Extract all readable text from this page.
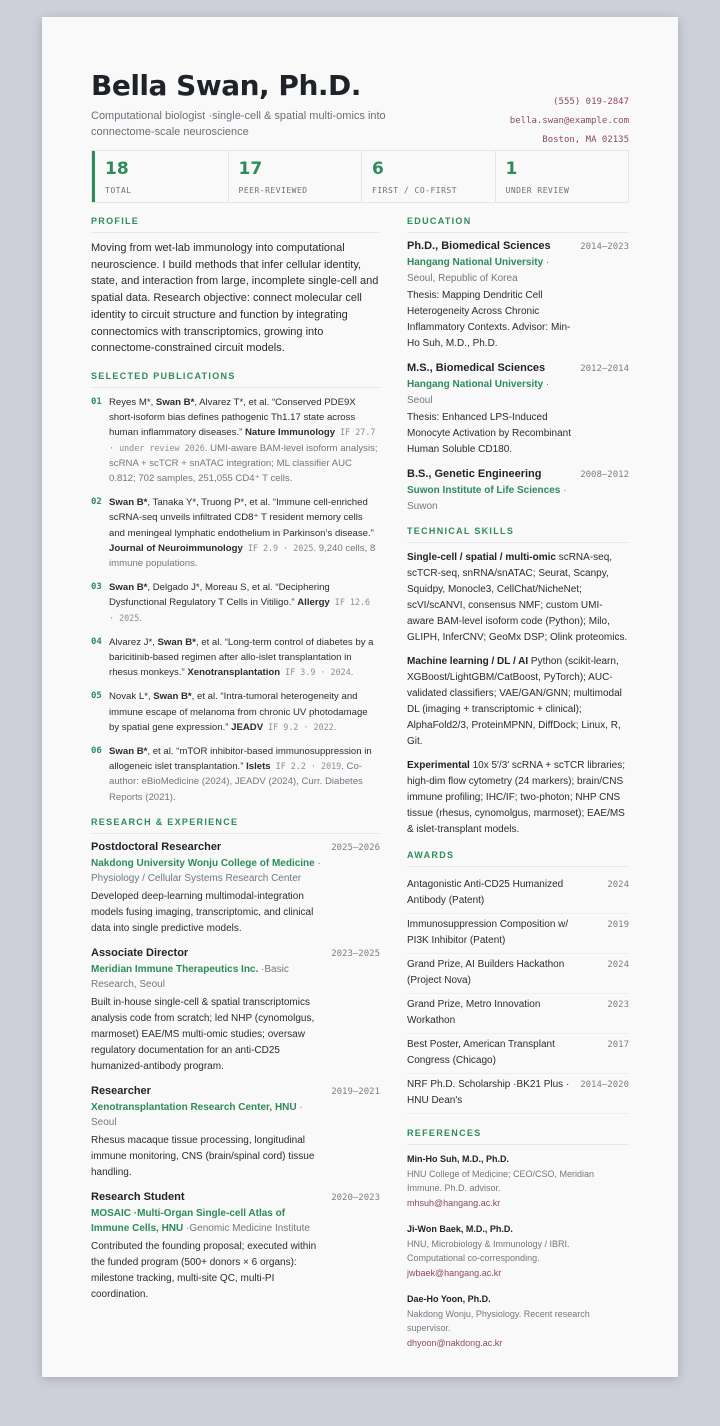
Bella Swan, Ph.D.
Computational biologist ·single-cell & spatial multi-omics into connectome-scale neuroscience
(555) 019-2847
bella.swan@example.com
Boston, MA 02135
18
TOTAL
17
PEER-REVIEWED
6
FIRST / CO-FIRST
1
UNDER REVIEW
PROFILE
Moving from wet-lab immunology into computational neuroscience. I build methods that infer cellular identity, state, and interaction from large, incomplete single-cell and spatial data. Research objective: connect molecular cell identity to circuit structure and function by integrating connectomics with transcriptomics, growing into connectome-constrained circuit models.
SELECTED PUBLICATIONS
01 Reyes M*, Swan B*, Alvarez T*, et al. “Conserved PDE9X short-isoform bias defines pathogenic Th1.17 state across human inflammatory diseases.” Nature Immunology IF 27.7 · under review 2026. UMI-aware BAM-level isoform analysis; scRNA + scTCR + snATAC integration; ML classifier AUC 0.812; 702 samples, 251,055 CD4⁺ T cells.
02 Swan B*, Tanaka Y*, Truong P*, et al. “Immune cell-enriched scRNA-seq unveils infiltrated CD8⁺ T resident memory cells and meningeal lymphatic endothelium in Parkinson’s disease.” Journal of Neuroimmunology IF 2.9 · 2025. 9,240 cells, 8 immune populations.
03 Swan B*, Delgado J*, Moreau S, et al. “Deciphering Dysfunctional Regulatory T Cells in Vitiligo.” Allergy IF 12.6 · 2025.
04 Alvarez J*, Swan B*, et al. “Long-term control of diabetes by a baricitinib-based regimen after allo-islet transplantation in rhesus monkeys.” Xenotransplantation IF 3.9 · 2024.
05 Novak L*, Swan B*, et al. “Intra-tumoral heterogeneity and immune escape of melanoma from chronic UV photodamage by spatial gene expression.” JEADV IF 9.2 · 2022.
06 Swan B*, et al. “mTOR inhibitor-based immunosuppression in allogeneic islet transplantation.” Islets IF 2.2 · 2019. Co-author: eBioMedicine (2024), JEADV (2024), Curr. Diabetes Reports (2021).
RESEARCH & EXPERIENCE
Postdoctoral Researcher	2025–2026
Nakdong University Wonju College of Medicine · Physiology / Cellular Systems Research Center
Developed deep-learning multimodal-integration models fusing imaging, transcriptomic, and clinical data into single predictive models.
Associate Director	2023–2025
Meridian Immune Therapeutics Inc. ·Basic Research, Seoul
Built in-house single-cell & spatial transcriptomics analysis code from scratch; led NHP (cynomolgus, marmoset) EAE/MS multi-omic studies; oversaw regulatory documentation for an anti-CD25 humanized-antibody program.
Researcher	2019–2021
Xenotransplantation Research Center, HNU · Seoul
Rhesus macaque tissue processing, longitudinal immune monitoring, CNS (brain/spinal cord) tissue handling.
Research Student	2020–2023
MOSAIC ·Multi-Organ Single-cell Atlas of Immune Cells, HNU ·Genomic Medicine Institute
Contributed the founding proposal; executed within the funded program (500+ donors × 6 organs): milestone tracking, multi-site QC, multi-PI coordination.
EDUCATION
Ph.D., Biomedical Sciences	2014–2023
Hangang National University · Seoul, Republic of Korea
Thesis: Mapping Dendritic Cell Heterogeneity Across Chronic Inflammatory Contexts. Advisor: Min-Ho Suh, M.D., Ph.D.
M.S., Biomedical Sciences	2012–2014
Hangang National University · Seoul
Thesis: Enhanced LPS-Induced Monocyte Activation by Recombinant Human Soluble CD180.
B.S., Genetic Engineering	2008–2012
Suwon Institute of Life Sciences · Suwon
TECHNICAL SKILLS
Single-cell / spatial / multi-omic scRNA-seq, scTCR-seq, snRNA/snATAC; Seurat, Scanpy, Squidpy, Monocle3, CellChat/NicheNet; scVI/scANVI, consensus NMF; custom UMI-aware BAM-level isoform code (Python); Milo, GLIPH, InferCNV; GeoMx DSP; Olink proteomics.
Machine learning / DL / AI Python (scikit-learn, XGBoost/LightGBM/CatBoost, PyTorch); AUC-validated classifiers; VAE/GAN/GNN; multimodal DL (imaging + transcriptomic + clinical); AlphaFold2/3, ProteinMPNN, DiffDock; Linux, R, Git.
Experimental 10x 5′/3′ scRNA + scTCR libraries; high-dim flow cytometry (24 markers); brain/CNS immune profiling; IHC/IF; two-photon; NHP CNS tissue (rhesus, cynomolgus, marmoset); EAE/MS & islet-transplant models.
AWARDS
Antagonistic Anti-CD25 Humanized Antibody (Patent)
2024
Immunosuppression Composition w/ PI3K Inhibitor (Patent)
2019
Grand Prize, AI Builders Hackathon (Project Nova)
2024
Grand Prize, Metro Innovation Workathon
2023
Best Poster, American Transplant Congress (Chicago)
2017
NRF Ph.D. Scholarship ·BK21 Plus · HNU Dean's
2014–2020
REFERENCES
Min-Ho Suh, M.D., Ph.D.
HNU College of Medicine; CEO/CSO, Meridian Immune. Ph.D. advisor.
mhsuh@hangang.ac.kr
Ji-Won Baek, M.D., Ph.D.
HNU, Microbiology & Immunology / IBRI. Computational co-corresponding.
jwbaek@hangang.ac.kr
Dae-Ho Yoon, Ph.D.
Nakdong Wonju, Physiology. Recent research supervisor.
dhyoon@nakdong.ac.kr
